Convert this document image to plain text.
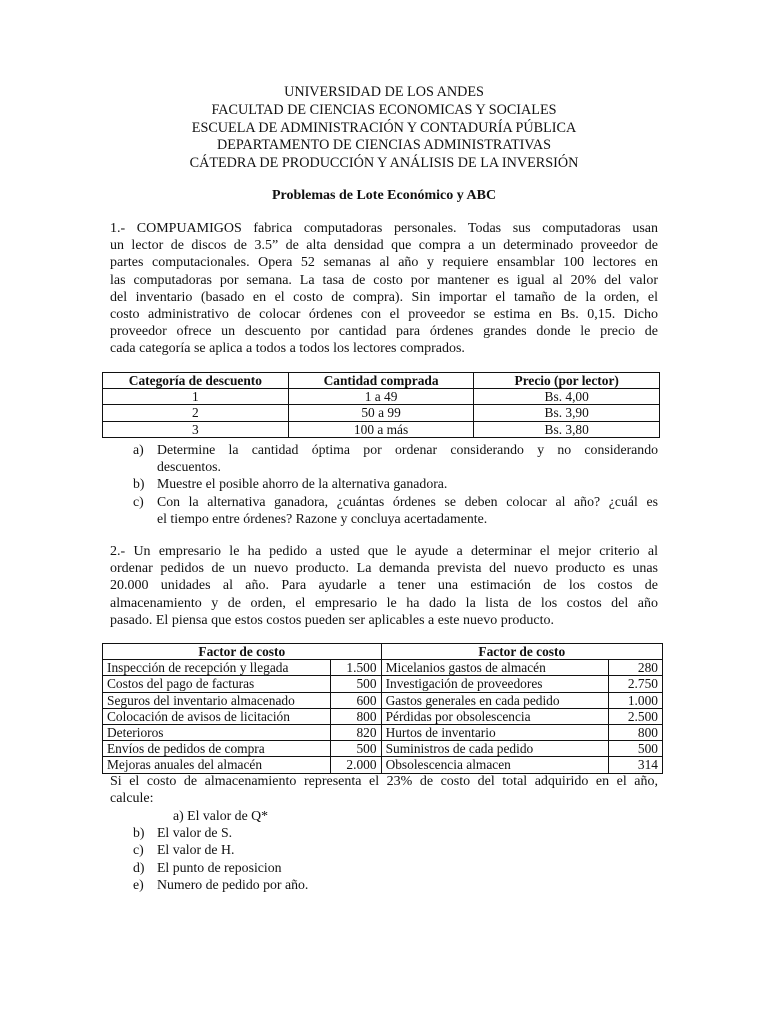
UNIVERSIDAD DE LOS ANDES
FACULTAD DE CIENCIAS ECONOMICAS Y SOCIALES
ESCUELA DE ADMINISTRACIÓN Y CONTADURÍA PÚBLICA
DEPARTAMENTO DE CIENCIAS ADMINISTRATIVAS
CÁTEDRA DE PRODUCCIÓN Y ANÁLISIS DE LA INVERSIÓN
Problemas de Lote Económico y ABC
1.- COMPUAMIGOS fabrica computadoras personales. Todas sus computadoras usan
un lector de discos de 3.5” de alta densidad que compra a un determinado proveedor de
partes computacionales. Opera 52 semanas al año y requiere ensamblar 100 lectores en
las computadoras por semana. La tasa de costo por mantener es igual al 20% del valor
del inventario (basado en el costo de compra). Sin importar el tamaño de la orden, el
costo administrativo de colocar órdenes con el proveedor se estima en Bs. 0,15. Dicho
proveedor ofrece un descuento por cantidad para órdenes grandes donde le precio de
cada categoría se aplica a todos a todos los lectores comprados.
Categoría de descuento	Cantidad comprada	Precio (por lector)
1	1 a 49	Bs. 4,00
2	50 a 99	Bs. 3,90
3	100 a más	Bs. 3,80
a) Determine la cantidad óptima por ordenar considerando y no considerando
descuentos.
b) Muestre el posible ahorro de la alternativa ganadora.
c) Con la alternativa ganadora, ¿cuántas órdenes se deben colocar al año? ¿cuál es
el tiempo entre órdenes? Razone y concluya acertadamente.
2.- Un empresario le ha pedido a usted que le ayude a determinar el mejor criterio al
ordenar pedidos de un nuevo producto. La demanda prevista del nuevo producto es unas
20.000 unidades al año. Para ayudarle a tener una estimación de los costos de
almacenamiento y de orden, el empresario le ha dado la lista de los costos del año
pasado. El piensa que estos costos pueden ser aplicables a este nuevo producto.
Factor de costo		Factor de costo	
Inspección de recepción y llegada	1.500	Micelanios gastos de almacén	280
Costos del pago de facturas	500	Investigación de proveedores	2.750
Seguros del inventario almacenado	600	Gastos generales en cada pedido	1.000
Colocación de avisos de licitación	800	Pérdidas por obsolescencia	2.500
Deterioros	820	Hurtos de inventario	800
Envíos de pedidos de compra	500	Suministros de cada pedido	500
Mejoras anuales del almacén	2.000	Obsolescencia almacen	314
Si el costo de almacenamiento representa el 23% de costo del total adquirido en el año,
calcule:
a) El valor de Q*
b) El valor de S.
c) El valor de H.
d) El punto de reposicion
e) Numero de pedido por año.
